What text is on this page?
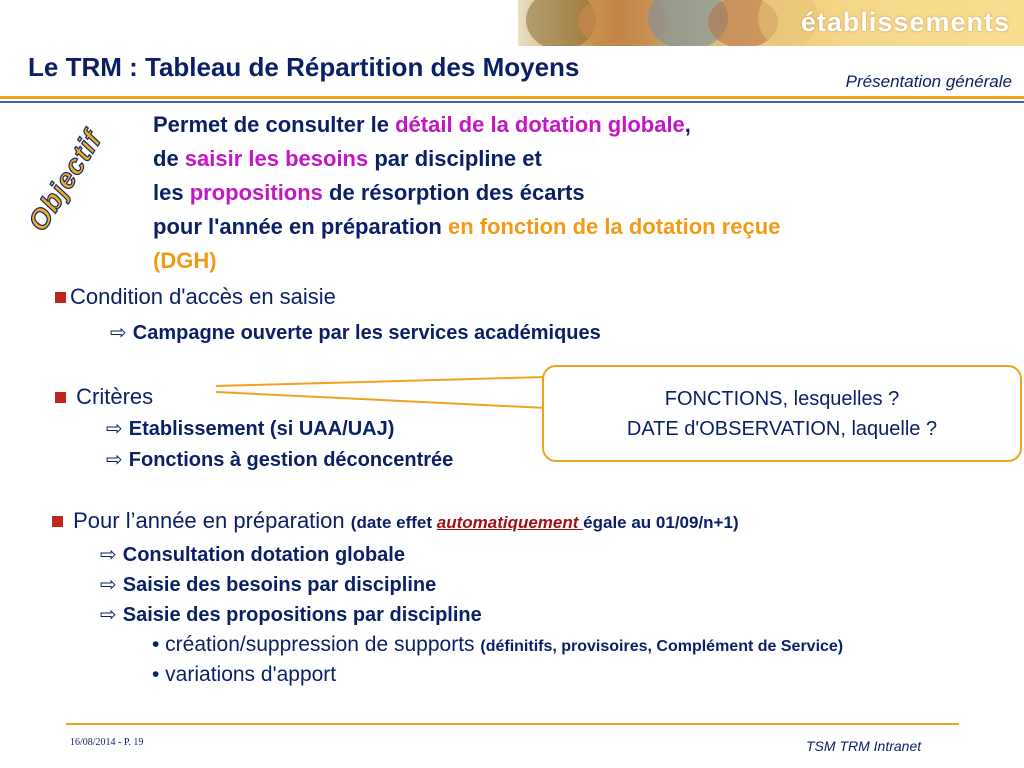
établissements
Le TRM : Tableau de Répartition des Moyens	Présentation générale
Objectif
Permet de consulter le détail de la dotation globale,
de saisir les besoins par discipline et
les propositions de résorption des écarts
pour l'année en préparation en fonction de la dotation reçue
(DGH)
Condition d'accès en saisie
⇨ Campagne ouverte par les services académiques
Critères
⇨ Etablissement (si UAA/UAJ)
⇨ Fonctions à gestion déconcentrée
FONCTIONS, lesquelles ?
DATE d'OBSERVATION, laquelle ?
Pour l’année en préparation (date effet automatiquement égale au 01/09/n+1)
⇨ Consultation dotation globale
⇨ Saisie des besoins par discipline
⇨ Saisie des propositions par discipline
• création/suppression de supports (définitifs, provisoires, Complément de Service)
• variations d'apport
16/08/2014 - P. 19	TSM TRM Intranet
